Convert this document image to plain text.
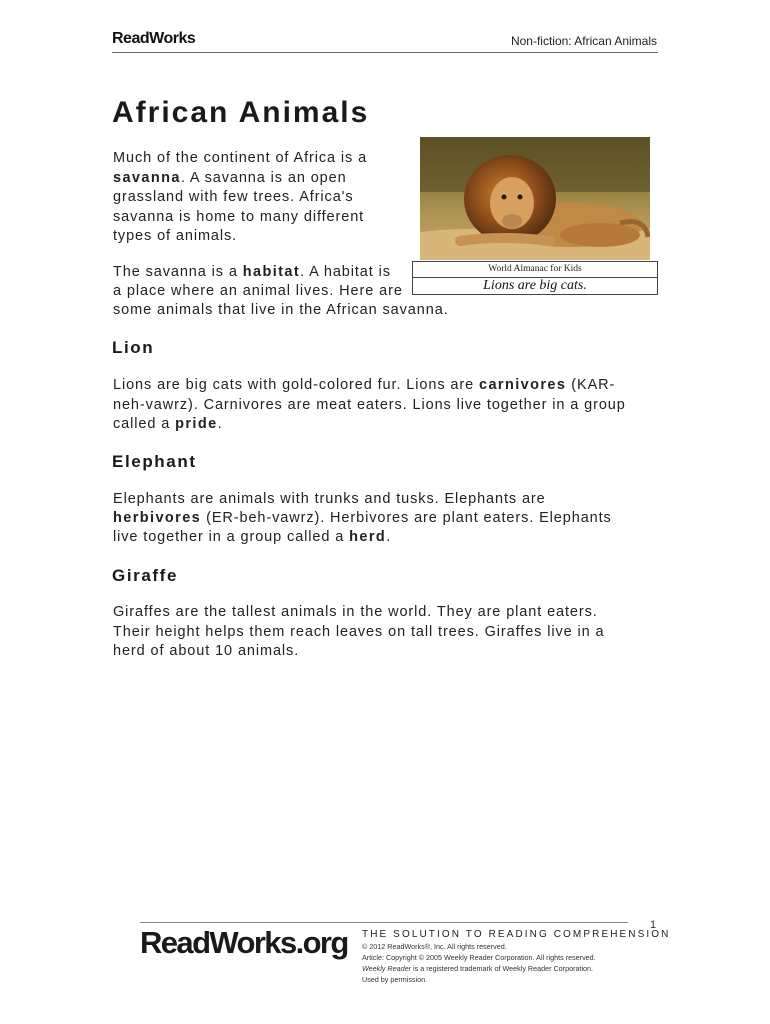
ReadWorks	Non-fiction: African Animals
African Animals

Much of the continent of Africa is a savanna. A savanna is an open grassland with few trees. Africa's savanna is home to many different types of animals.

World Almanac for Kids
Lions are big cats.

The savanna is a habitat. A habitat is

a place where an animal lives. Here are

some animals that live in the African savanna.

Lion

Lions are big cats with gold-colored fur. Lions are carnivores (KAR-

neh-vawrz). Carnivores are meat eaters. Lions live together in a group

called a pride.

Elephant

Elephants are animals with trunks and tusks. Elephants are

herbivores (ER-beh-vawrz). Herbivores are plant eaters. Elephants

live together in a group called a herd.

Giraffe

Giraffes are the tallest animals in the world. They are plant eaters.

Their height helps them reach leaves on tall trees. Giraffes live in a

herd of about 10 animals.

ReadWorks.org THE SOLUTION TO READING COMPREHENSION
© 2012 ReadWorks®, Inc. All rights reserved.
Article: Copyright © 2005 Weekly Reader Corporation. All rights reserved.
Weekly Reader is a registered trademark of Weekly Reader Corporation.
Used by permission.
1
